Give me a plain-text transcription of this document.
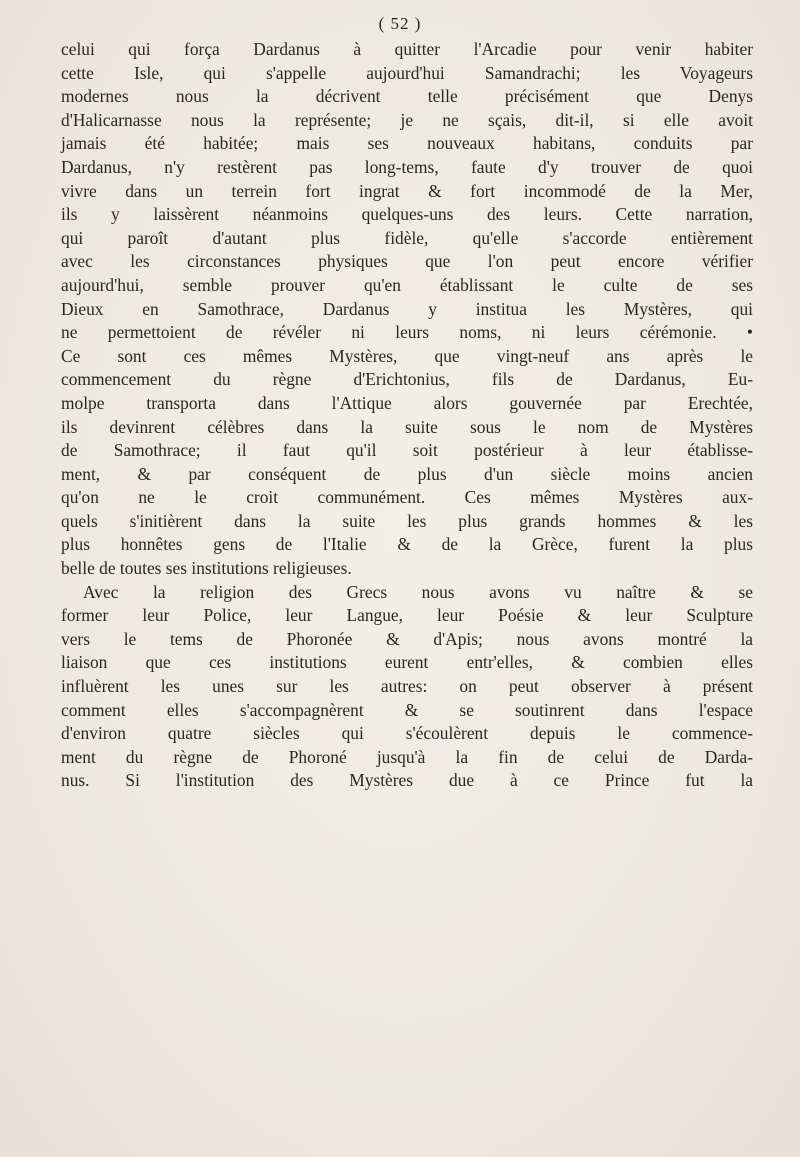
( 52 )
celui qui força Dardanus à quitter l'Arcadie pour venir habiter
cette Isle, qui s'appelle aujourd'hui Samandrachi; les Voyageurs
modernes nous la décrivent telle précisément que Denys
d'Halicarnasse nous la représente; je ne sçais, dit-il, si elle avoit
jamais été habitée; mais ses nouveaux habitans, conduits par
Dardanus, n'y restèrent pas long-tems, faute d'y trouver de quoi
vivre dans un terrein fort ingrat & fort incommodé de la Mer,
ils y laissèrent néanmoins quelques-uns des leurs. Cette narration,
qui paroît d'autant plus fidèle, qu'elle s'accorde entièrement
avec les circonstances physiques que l'on peut encore vérifier
aujourd'hui, semble prouver qu'en établissant le culte de ses
Dieux en Samothrace, Dardanus y institua les Mystères, qui
ne permettoient de révéler ni leurs noms, ni leurs cérémonie. •
Ce sont ces mêmes Mystères, que vingt-neuf ans après le
commencement du règne d'Erichtonius, fils de Dardanus, Eu-
molpe transporta dans l'Attique alors gouvernée par Erechtée,
ils devinrent célèbres dans la suite sous le nom de Mystères
de Samothrace; il faut qu'il soit postérieur à leur établisse-
ment, & par conséquent de plus d'un siècle moins ancien
qu'on ne le croit communément. Ces mêmes Mystères aux-
quels s'initièrent dans la suite les plus grands hommes & les
plus honnêtes gens de l'Italie & de la Grèce, furent la plus
belle de toutes ses institutions religieuses.
Avec la religion des Grecs nous avons vu naître & se
former leur Police, leur Langue, leur Poésie & leur Sculpture
vers le tems de Phoronée & d'Apis; nous avons montré la
liaison que ces institutions eurent entr'elles, & combien elles
influèrent les unes sur les autres: on peut observer à présent
comment elles s'accompagnèrent & se soutinrent dans l'espace
d'environ quatre siècles qui s'écoulèrent depuis le commence-
ment du règne de Phoroné jusqu'à la fin de celui de Darda-
nus. Si l'institution des Mystères due à ce Prince fut la
